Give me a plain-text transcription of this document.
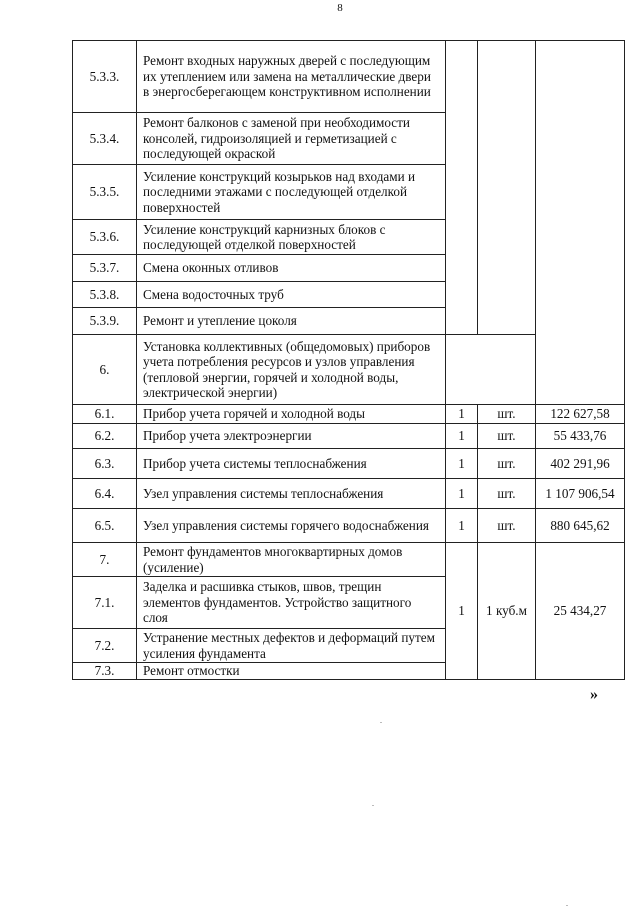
8
5.3.3.	Ремонт входных наружных дверей с последующим их утеплением или замена на металлические двери в энергосберегающем конструктивном исполнении			
5.3.4.	Ремонт балконов с заменой при необходимости консолей, гидроизоляцией и герметизацией с последующей окраской			
5.3.5.	Усиление конструкций козырьков над входами и последними этажами с последующей отделкой поверхностей			
5.3.6.	Усиление конструкций карнизных блоков с последующей отделкой поверхностей			
5.3.7.	Смена оконных отливов			
5.3.8.	Смена водосточных труб			
5.3.9.	Ремонт и утепление цоколя			
6.	Установка коллективных (общедомовых) приборов учета потребления ресурсов и узлов управления (тепловой энергии, горячей и холодной воды, электрической энергии)			
6.1.	Прибор учета горячей и холодной воды	1	шт.	122 627,58
6.2.	Прибор учета электроэнергии	1	шт.	55 433,76
6.3.	Прибор учета системы теплоснабжения	1	шт.	402 291,96
6.4.	Узел управления системы теплоснабжения	1	шт.	1 107 906,54
6.5.	Узел управления системы горячего водоснабжения	1	шт.	880 645,62
7.	Ремонт фундаментов многоквартирных домов (усиление)	1	1 куб.м	25 434,27
7.1.	Заделка и расшивка стыков, швов, трещин элементов фундаментов. Устройство защитного слоя			
7.2.	Устранение местных дефектов и деформаций путем усиления фундамента			
7.3.	Ремонт отмостки			
»
